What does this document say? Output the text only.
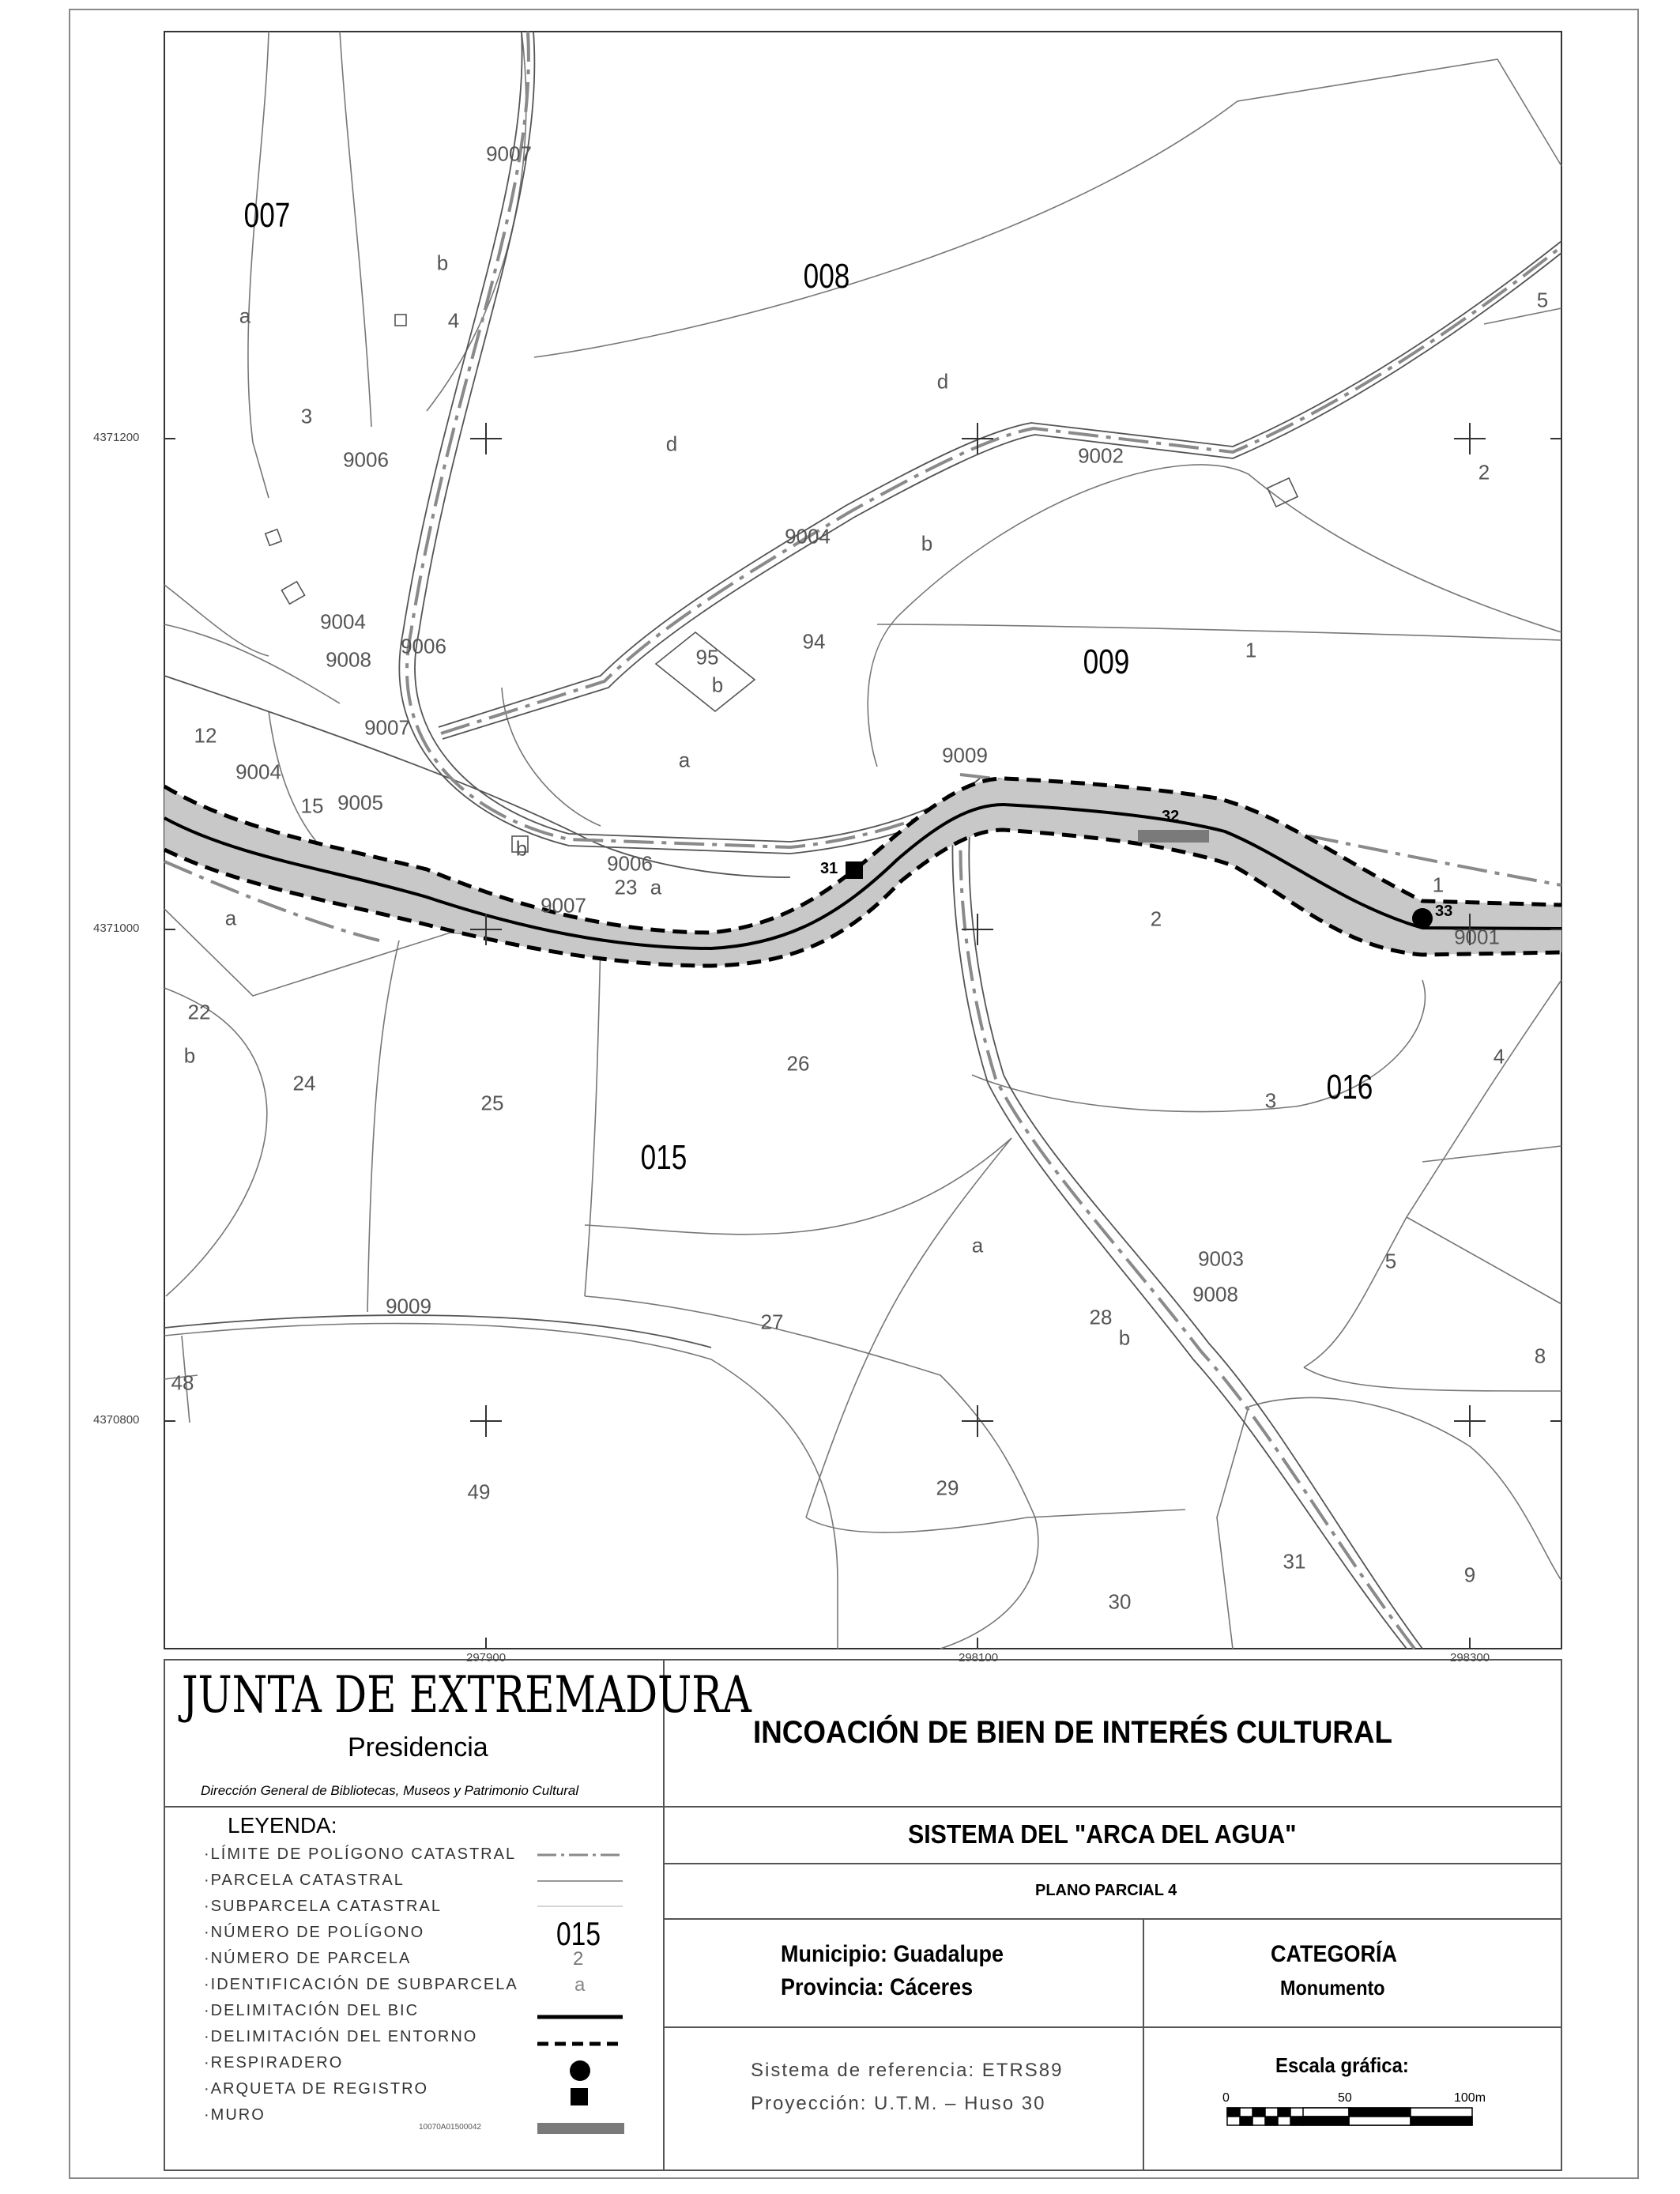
007
008
009
015
016
9007
a
b
4
3
9006
9004
9008
9006
9007
12
9004
15 9005
b
9006
23 a
9007
d
d	9002
2
9004	b
95
b
94	1
a	9009
5
1
2
9001
a
22
b
24
25
26
3
4
a
9003
9008
5
27	28
b
9009
48
8
49	29
31
9
30
31
32
33
4371200
4371000
4370800
297900	298100	298300
JUNTA DE EXTREMADURA
Presidencia
Dirección General de Bibliotecas, Museos y Patrimonio Cultural
INCOACIÓN DE BIEN DE INTERÉS CULTURAL
SISTEMA DEL "ARCA DEL AGUA"
PLANO PARCIAL 4
Municipio: Guadalupe
Provincia: Cáceres
CATEGORÍA
Monumento
Sistema de referencia: ETRS89
Proyección: U.T.M. – Huso 30
Escala gráfica:
0	50	100m
LEYENDA:
·LÍMITE DE POLÍGONO CATASTRAL
·PARCELA CATASTRAL
·SUBPARCELA CATASTRAL
·NÚMERO DE POLÍGONO
·NÚMERO DE PARCELA
·IDENTIFICACIÓN DE SUBPARCELA
·DELIMITACIÓN DEL BIC
·DELIMITACIÓN DEL ENTORNO
·RESPIRADERO
·ARQUETA DE REGISTRO
·MURO
015
2
a
10070A01500042
